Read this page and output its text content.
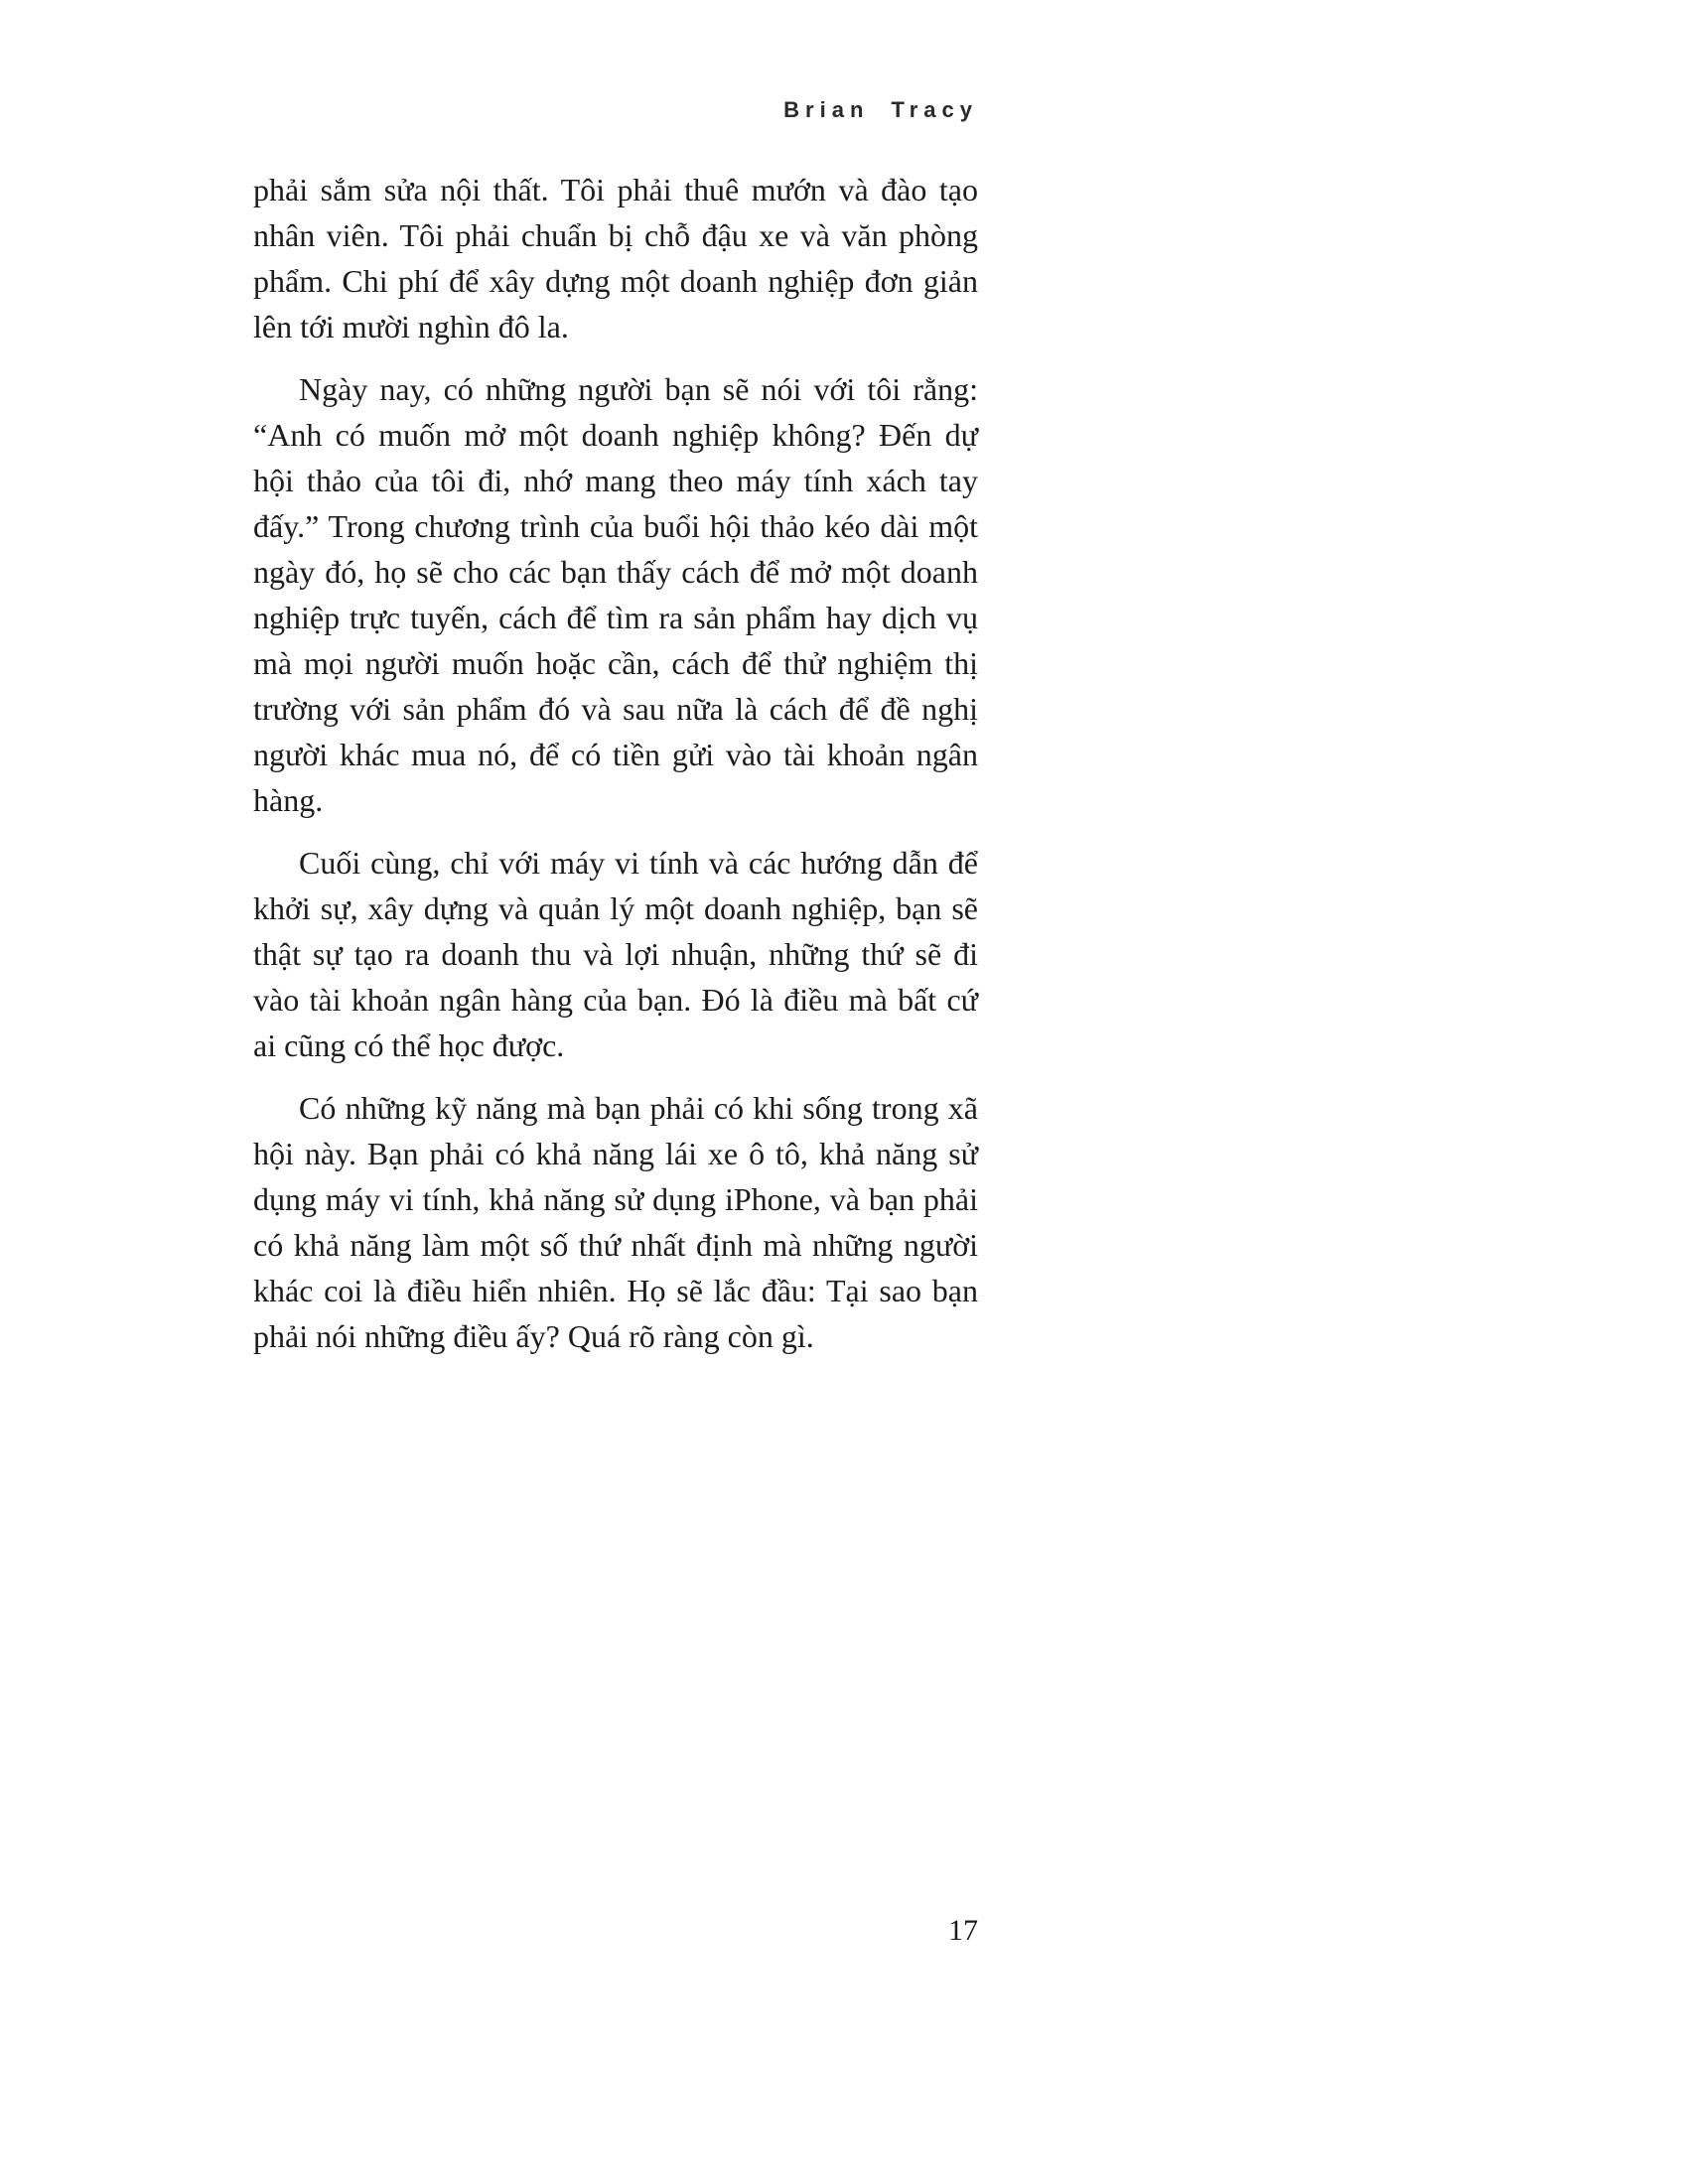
Brian Tracy

phải sắm sửa nội thất. Tôi phải thuê mướn và đào tạo nhân viên. Tôi phải chuẩn bị chỗ đậu xe và văn phòng phẩm. Chi phí để xây dựng một doanh nghiệp đơn giản lên tới mười nghìn đô la.

Ngày nay, có những người bạn sẽ nói với tôi rằng: “Anh có muốn mở một doanh nghiệp không? Đến dự hội thảo của tôi đi, nhớ mang theo máy tính xách tay đấy.” Trong chương trình của buổi hội thảo kéo dài một ngày đó, họ sẽ cho các bạn thấy cách để mở một doanh nghiệp trực tuyến, cách để tìm ra sản phẩm hay dịch vụ mà mọi người muốn hoặc cần, cách để thử nghiệm thị trường với sản phẩm đó và sau nữa là cách để đề nghị người khác mua nó, để có tiền gửi vào tài khoản ngân hàng.

Cuối cùng, chỉ với máy vi tính và các hướng dẫn để khởi sự, xây dựng và quản lý một doanh nghiệp, bạn sẽ thật sự tạo ra doanh thu và lợi nhuận, những thứ sẽ đi vào tài khoản ngân hàng của bạn. Đó là điều mà bất cứ ai cũng có thể học được.

Có những kỹ năng mà bạn phải có khi sống trong xã hội này. Bạn phải có khả năng lái xe ô tô, khả năng sử dụng máy vi tính, khả năng sử dụng iPhone, và bạn phải có khả năng làm một số thứ nhất định mà những người khác coi là điều hiển nhiên. Họ sẽ lắc đầu: Tại sao bạn phải nói những điều ấy? Quá rõ ràng còn gì.

17
